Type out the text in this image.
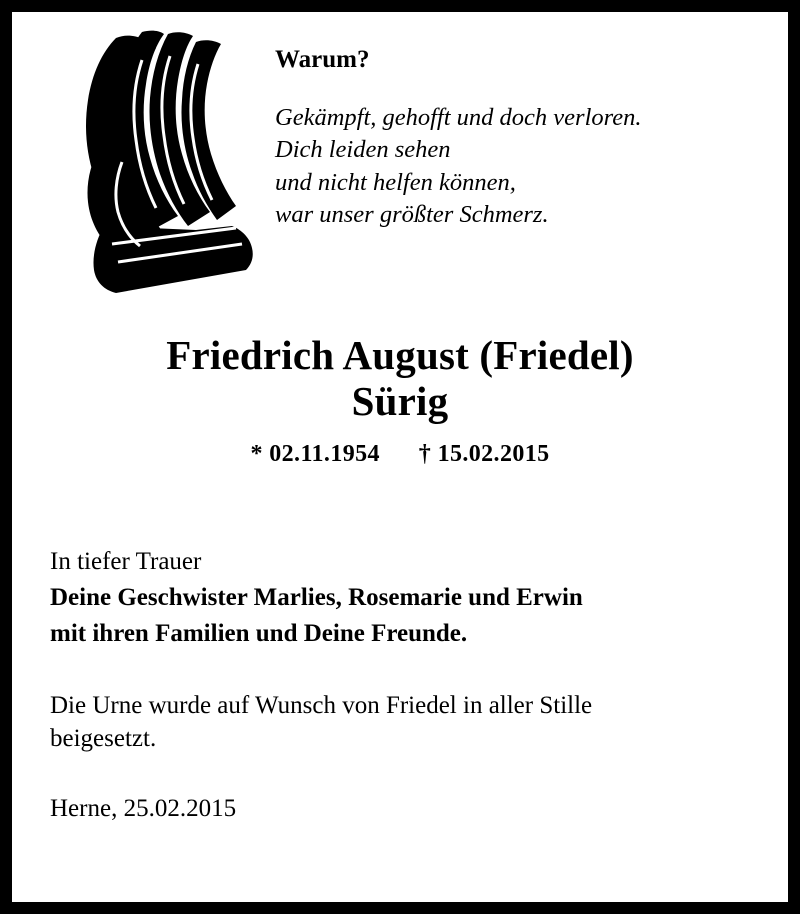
Warum?
Gekämpft, gehofft und doch verloren.
Dich leiden sehen
und nicht helfen können,
war unser größter Schmerz.
Friedrich August (Friedel)
Sürig
* 02.11.1954 † 15.02.2015
In tiefer Trauer
Deine Geschwister Marlies, Rosemarie und Erwin
mit ihren Familien und Deine Freunde.
Die Urne wurde auf Wunsch von Friedel in aller Stille
beigesetzt.
Herne, 25.02.2015
